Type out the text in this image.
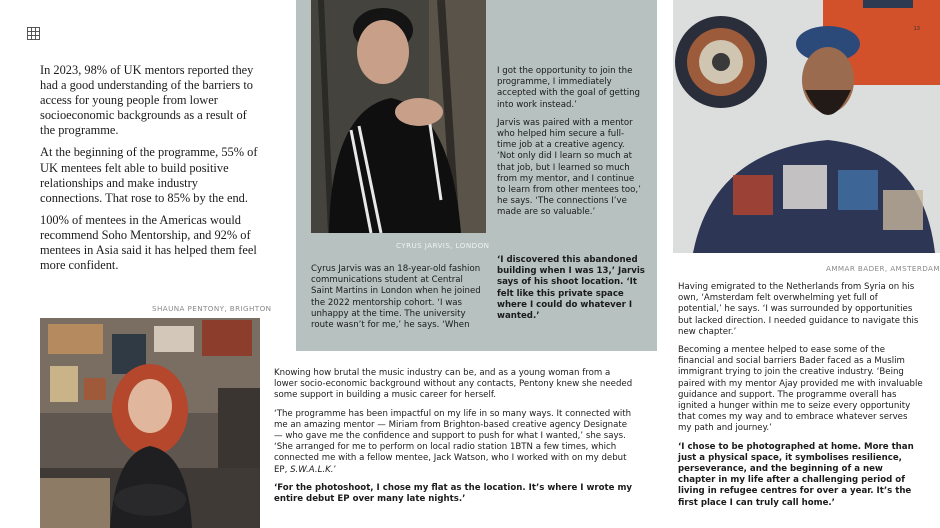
In 2023, 98% of UK mentors reported they had a good understanding of the barriers to access for young people from lower socioeconomic backgrounds as a result of the programme.

At the beginning of the programme, 55% of UK mentees felt able to build positive relationships and make industry connections. That rose to 85% by the end.

100% of mentees in the Americas would recommend Soho Mentorship, and 92% of mentees in Asia said it has helped them feel more confident.

SHAUNA PENTONY, BRIGHTON
CYRUS JARVIS, LONDON

I got the opportunity to join the programme, I immediately accepted with the goal of getting into work instead.’

Jarvis was paired with a mentor who helped him secure a full-time job at a creative agency. ‘Not only did I learn so much at that job, but I learned so much from my mentor, and I continue to learn from other mentees too,’ he says. ‘The connections I’ve made are so valuable.’

‘I discovered this abandoned building when I was 13,’ Jarvis says of his shoot location. ‘It felt like this private space where I could do whatever I wanted.’
Cyrus Jarvis was an 18-year-old fashion communications student at Central Saint Martins in London when he joined the 2022 mentorship cohort. ‘I was unhappy at the time. The university route wasn’t for me,’ he says. ‘When
13
AMMAR BADER, AMSTERDAM

Knowing how brutal the music industry can be, and as a young woman from a lower socio-economic background without any contacts, Pentony knew she needed some support in building a music career for herself.

‘The programme has been impactful on my life in so many ways. It connected with me an amazing mentor — Miriam from Brighton-based creative agency Designate — who gave me the confidence and support to push for what I wanted,’ she says. ‘She arranged for me to perform on local radio station 1BTN a few times, which connected me with a fellow mentee, Jack Watson, who I worked with on my debut EP, S.W.A.L.K.’

‘For the photoshoot, I chose my flat as the location. It’s where I wrote my entire debut EP over many late nights.’

Having emigrated to the Netherlands from Syria on his own, ‘Amsterdam felt overwhelming yet full of potential,’ he says. ‘I was surrounded by opportunities but lacked direction. I needed guidance to navigate this new chapter.’

Becoming a mentee helped to ease some of the financial and social barriers Bader faced as a Muslim immigrant trying to join the creative industry. ‘Being paired with my mentor Ajay provided me with invaluable guidance and support. The programme overall has ignited a hunger within me to seize every opportunity that comes my way and to embrace whatever serves my path and journey.’

‘I chose to be photographed at home. More than just a physical space, it symbolises resilience, perseverance, and the beginning of a new chapter in my life after a challenging period of living in refugee centres for over a year. It’s the first place I can truly call home.’
